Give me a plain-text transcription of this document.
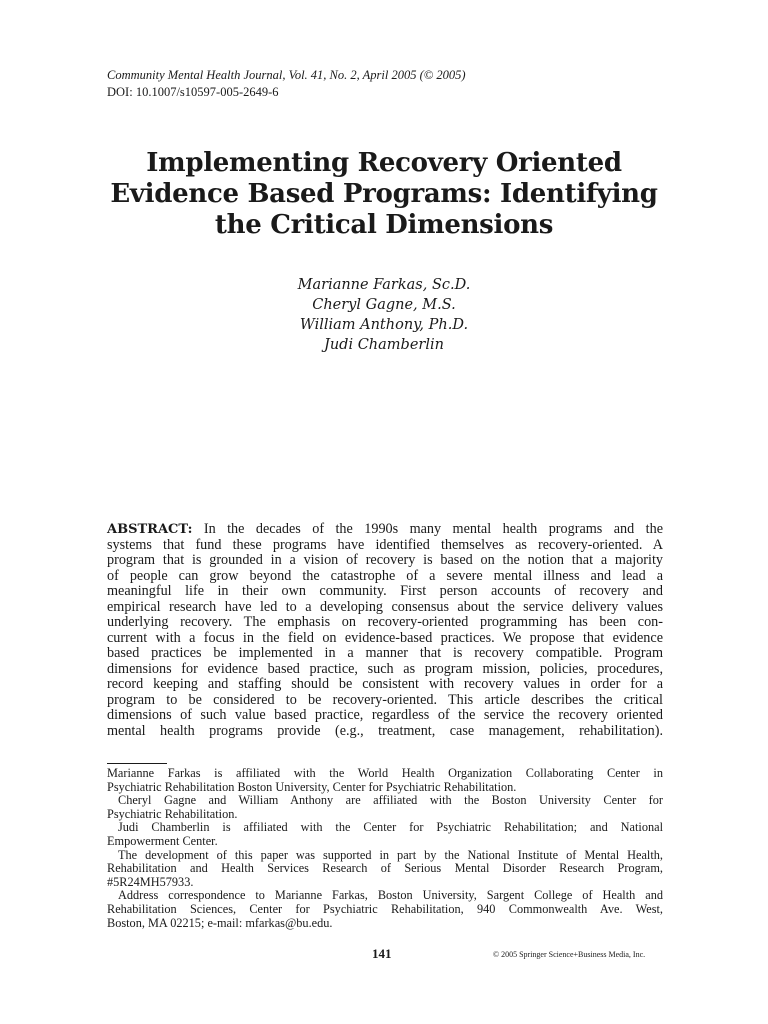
Community Mental Health Journal, Vol. 41, No. 2, April 2005 (© 2005)
DOI: 10.1007/s10597-005-2649-6
Implementing Recovery Oriented
Evidence Based Programs: Identifying
the Critical Dimensions
Marianne Farkas, Sc.D.
Cheryl Gagne, M.S.
William Anthony, Ph.D.
Judi Chamberlin
ABSTRACT: In the decades of the 1990s many mental health programs and the
systems that fund these programs have identified themselves as recovery-oriented. A
program that is grounded in a vision of recovery is based on the notion that a majority
of people can grow beyond the catastrophe of a severe mental illness and lead a
meaningful life in their own community. First person accounts of recovery and
empirical research have led to a developing consensus about the service delivery values
underlying recovery. The emphasis on recovery-oriented programming has been con-
current with a focus in the field on evidence-based practices. We propose that evidence
based practices be implemented in a manner that is recovery compatible. Program
dimensions for evidence based practice, such as program mission, policies, procedures,
record keeping and staffing should be consistent with recovery values in order for a
program to be considered to be recovery-oriented. This article describes the critical
dimensions of such value based practice, regardless of the service the recovery oriented
mental health programs provide (e.g., treatment, case management, rehabilitation).
Marianne Farkas is affiliated with the World Health Organization Collaborating Center in
Psychiatric Rehabilitation Boston University, Center for Psychiatric Rehabilitation.
Cheryl Gagne and William Anthony are affiliated with the Boston University Center for
Psychiatric Rehabilitation.
Judi Chamberlin is affiliated with the Center for Psychiatric Rehabilitation; and National
Empowerment Center.
The development of this paper was supported in part by the National Institute of Mental Health,
Rehabilitation and Health Services Research of Serious Mental Disorder Research Program,
#5R24MH57933.
Address correspondence to Marianne Farkas, Boston University, Sargent College of Health and
Rehabilitation Sciences, Center for Psychiatric Rehabilitation, 940 Commonwealth Ave. West,
Boston, MA 02215; e-mail: mfarkas@bu.edu.
141	© 2005 Springer Science+Business Media, Inc.
